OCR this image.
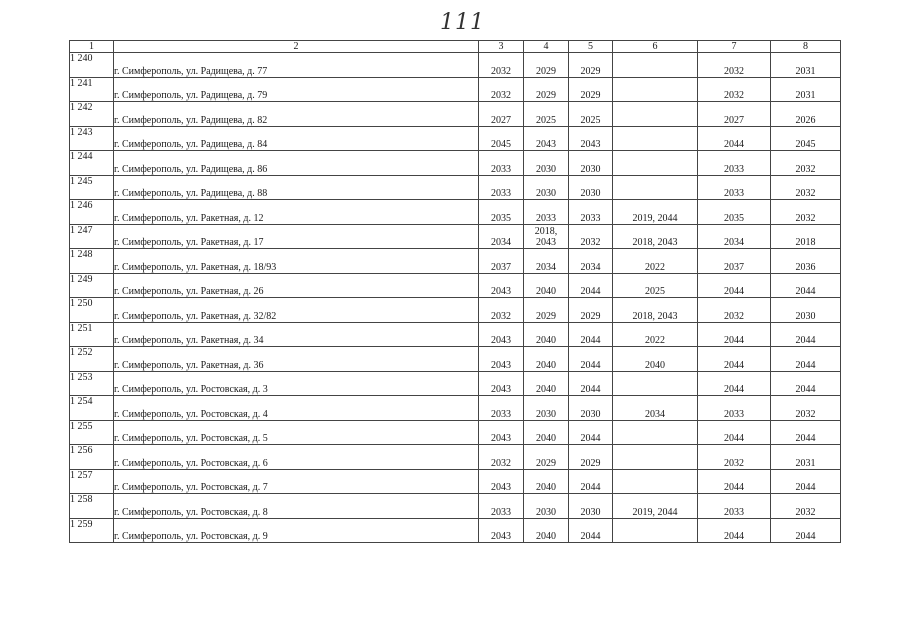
111
1	2	3	4	5	6	7	8
1 240	г. Симферополь, ул. Радищева, д. 77	2032	2029	2029		2032	2031
1 241	г. Симферополь, ул. Радищева, д. 79	2032	2029	2029		2032	2031
1 242	г. Симферополь, ул. Радищева, д. 82	2027	2025	2025		2027	2026
1 243	г. Симферополь, ул. Радищева, д. 84	2045	2043	2043		2044	2045
1 244	г. Симферополь, ул. Радищева, д. 86	2033	2030	2030		2033	2032
1 245	г. Симферополь, ул. Радищева, д. 88	2033	2030	2030		2033	2032
1 246	г. Симферополь, ул. Ракетная, д. 12	2035	2033	2033	2019, 2044	2035	2032
1 247	г. Симферополь, ул. Ракетная, д. 17	2034	2018, 2043	2032	2018, 2043	2034	2018
1 248	г. Симферополь, ул. Ракетная, д. 18/93	2037	2034	2034	2022	2037	2036
1 249	г. Симферополь, ул. Ракетная, д. 26	2043	2040	2044	2025	2044	2044
1 250	г. Симферополь, ул. Ракетная, д. 32/82	2032	2029	2029	2018, 2043	2032	2030
1 251	г. Симферополь, ул. Ракетная, д. 34	2043	2040	2044	2022	2044	2044
1 252	г. Симферополь, ул. Ракетная, д. 36	2043	2040	2044	2040	2044	2044
1 253	г. Симферополь, ул. Ростовская, д. 3	2043	2040	2044		2044	2044
1 254	г. Симферополь, ул. Ростовская, д. 4	2033	2030	2030	2034	2033	2032
1 255	г. Симферополь, ул. Ростовская, д. 5	2043	2040	2044		2044	2044
1 256	г. Симферополь, ул. Ростовская, д. 6	2032	2029	2029		2032	2031
1 257	г. Симферополь, ул. Ростовская, д. 7	2043	2040	2044		2044	2044
1 258	г. Симферополь, ул. Ростовская, д. 8	2033	2030	2030	2019, 2044	2033	2032
1 259	г. Симферополь, ул. Ростовская, д. 9	2043	2040	2044		2044	2044
